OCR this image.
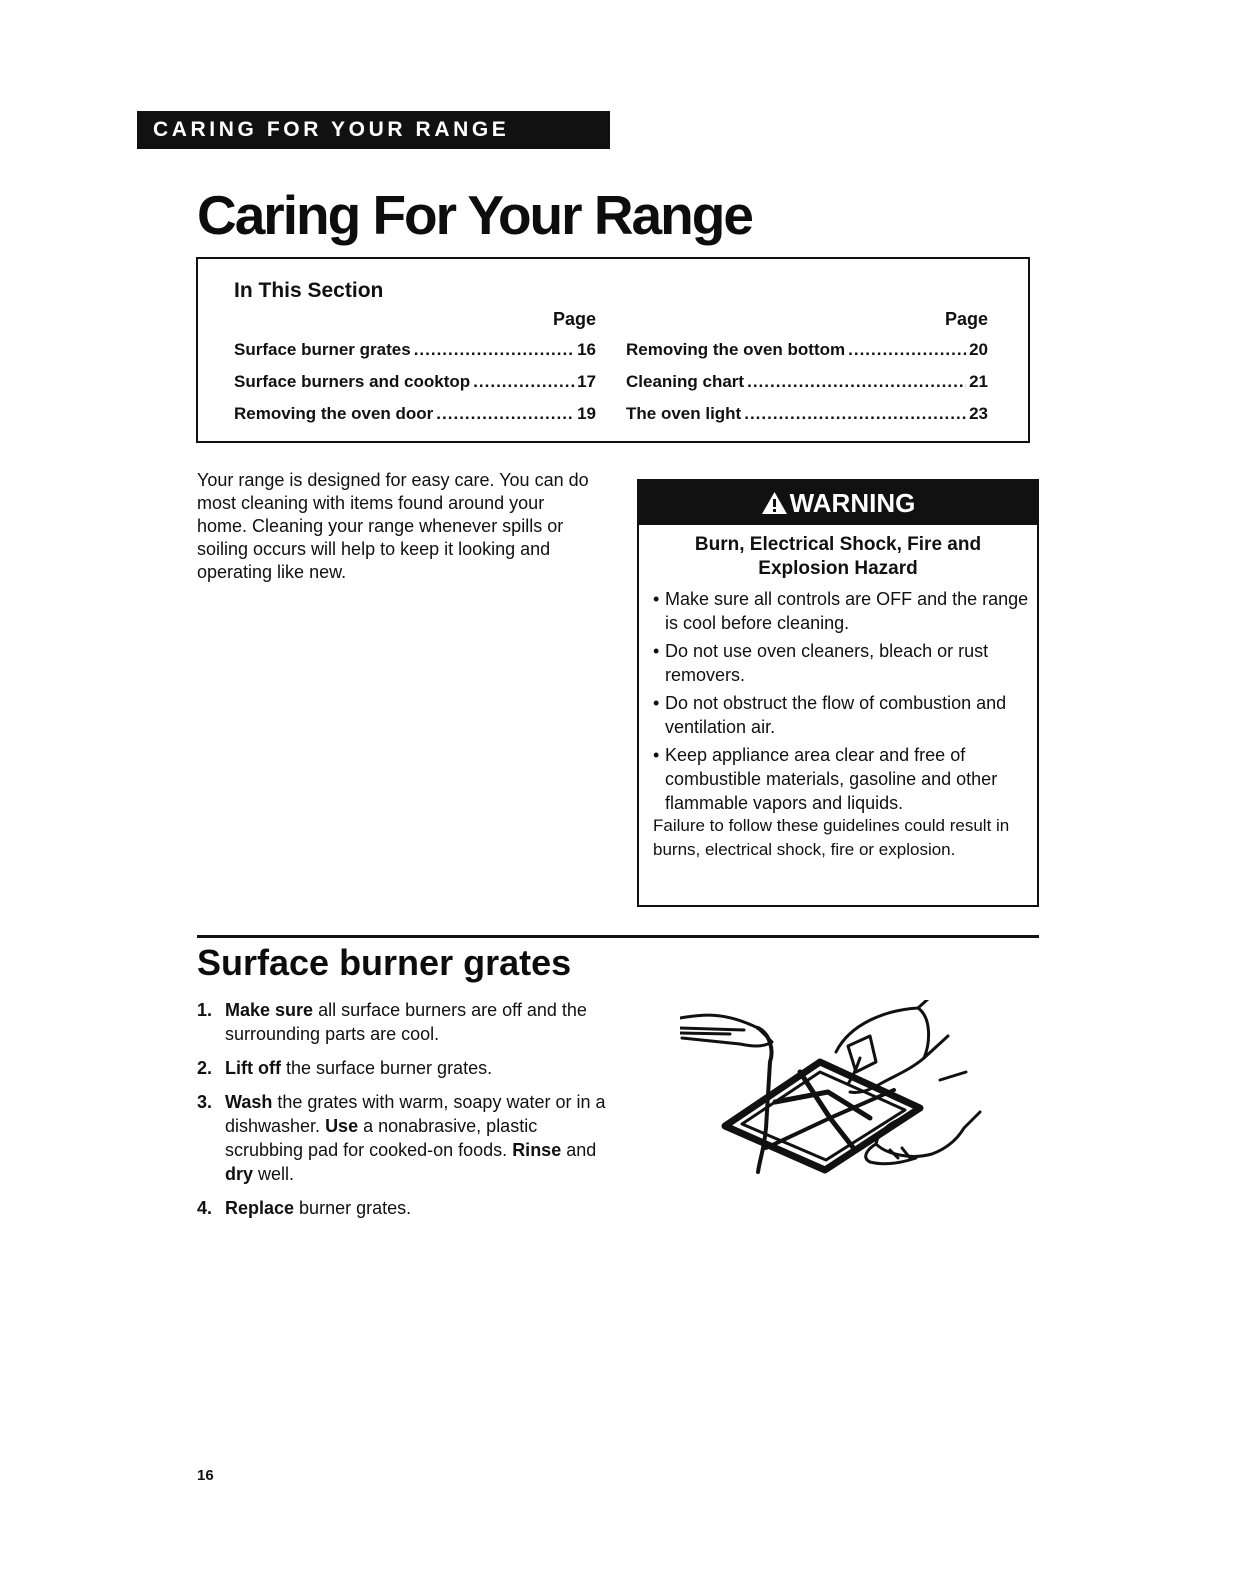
CARING FOR YOUR RANGE
Caring For Your Range
In This Section
Page
Surface burner grates .....	16
Surface burners and cooktop .....	17
Removing the oven door .....	19
Page
Removing the oven bottom .....	20
Cleaning chart .....	21
The oven light .....	23

Your range is designed for easy care. You can do most cleaning with items found around your home. Cleaning your range whenever spills or soiling occurs will help to keep it looking and operating like new.

WARNING
Burn, Electrical Shock, Fire and Explosion Hazard
• Make sure all controls are OFF and the range is cool before cleaning.
• Do not use oven cleaners, bleach or rust removers.
• Do not obstruct the flow of combustion and ventilation air.
• Keep appliance area clear and free of combustible materials, gasoline and other flammable vapors and liquids.

Failure to follow these guidelines could result in burns, electrical shock, fire or explosion.

Surface burner grates
1. Make sure all surface burners are off and the surrounding parts are cool.
2. Lift off the surface burner grates.
3. Wash the grates with warm, soapy water or in a dishwasher. Use a nonabrasive, plastic scrubbing pad for cooked-on foods. Rinse and dry well.
4. Replace burner grates.
16
